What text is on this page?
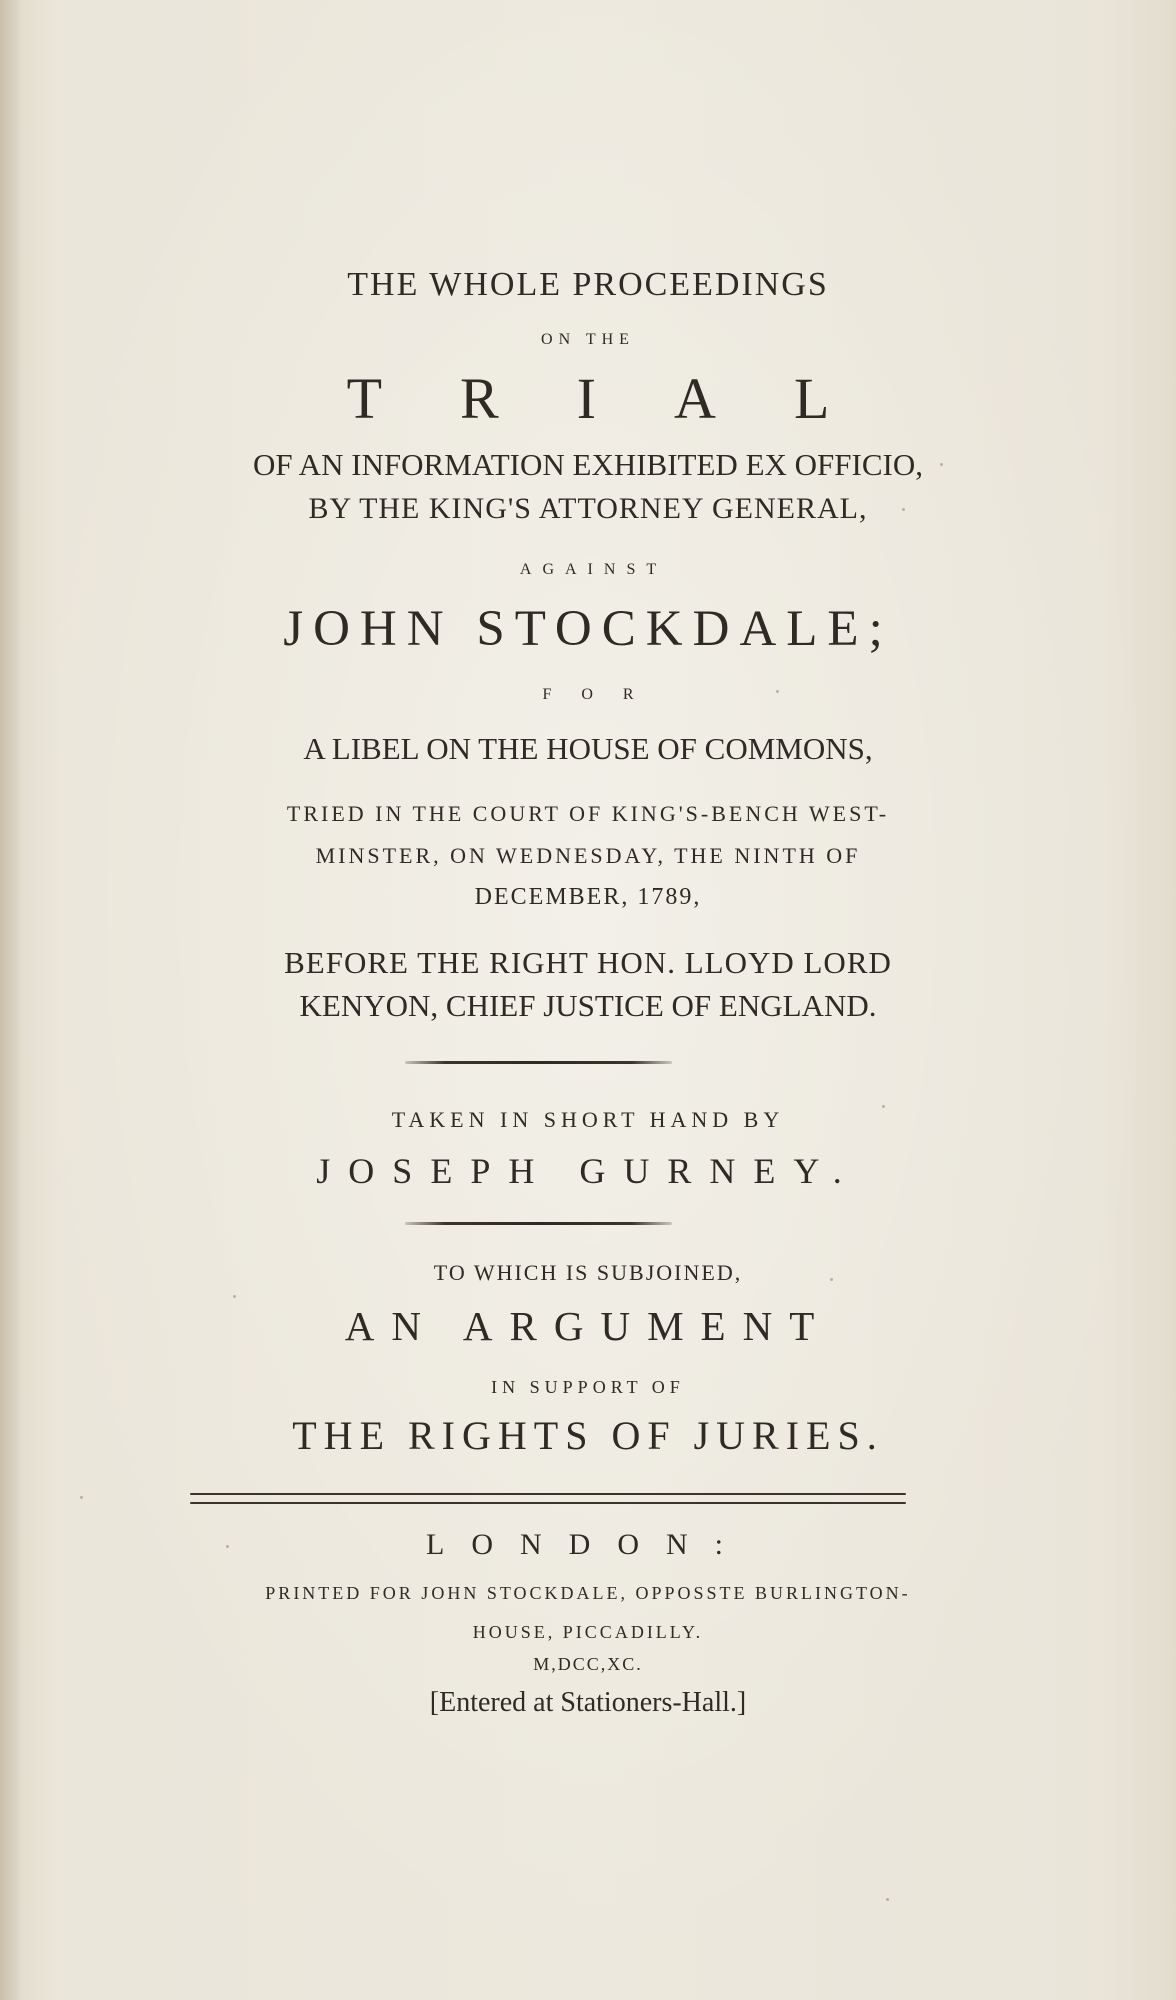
THE WHOLE PROCEEDINGS
ON THE
TRIAL
OF AN INFORMATION EXHIBITED EX OFFICIO,
BY THE KING'S ATTORNEY GENERAL,
AGAINST
JOHN STOCKDALE;
FOR
A LIBEL ON THE HOUSE OF COMMONS,
TRIED IN THE COURT OF KING'S-BENCH WEST-
MINSTER, ON WEDNESDAY, THE NINTH OF
DECEMBER, 1789,
BEFORE THE RIGHT HON. LLOYD LORD
KENYON, CHIEF JUSTICE OF ENGLAND.
TAKEN IN SHORT HAND BY
JOSEPH GURNEY.
TO WHICH IS SUBJOINED,
AN ARGUMENT
IN SUPPORT OF
THE RIGHTS OF JURIES.
LONDON:
PRINTED FOR JOHN STOCKDALE, OPPOSSTE BURLINGTON-
HOUSE, PICCADILLY.
M,DCC,XC.
[Entered at Stationers-Hall.]
